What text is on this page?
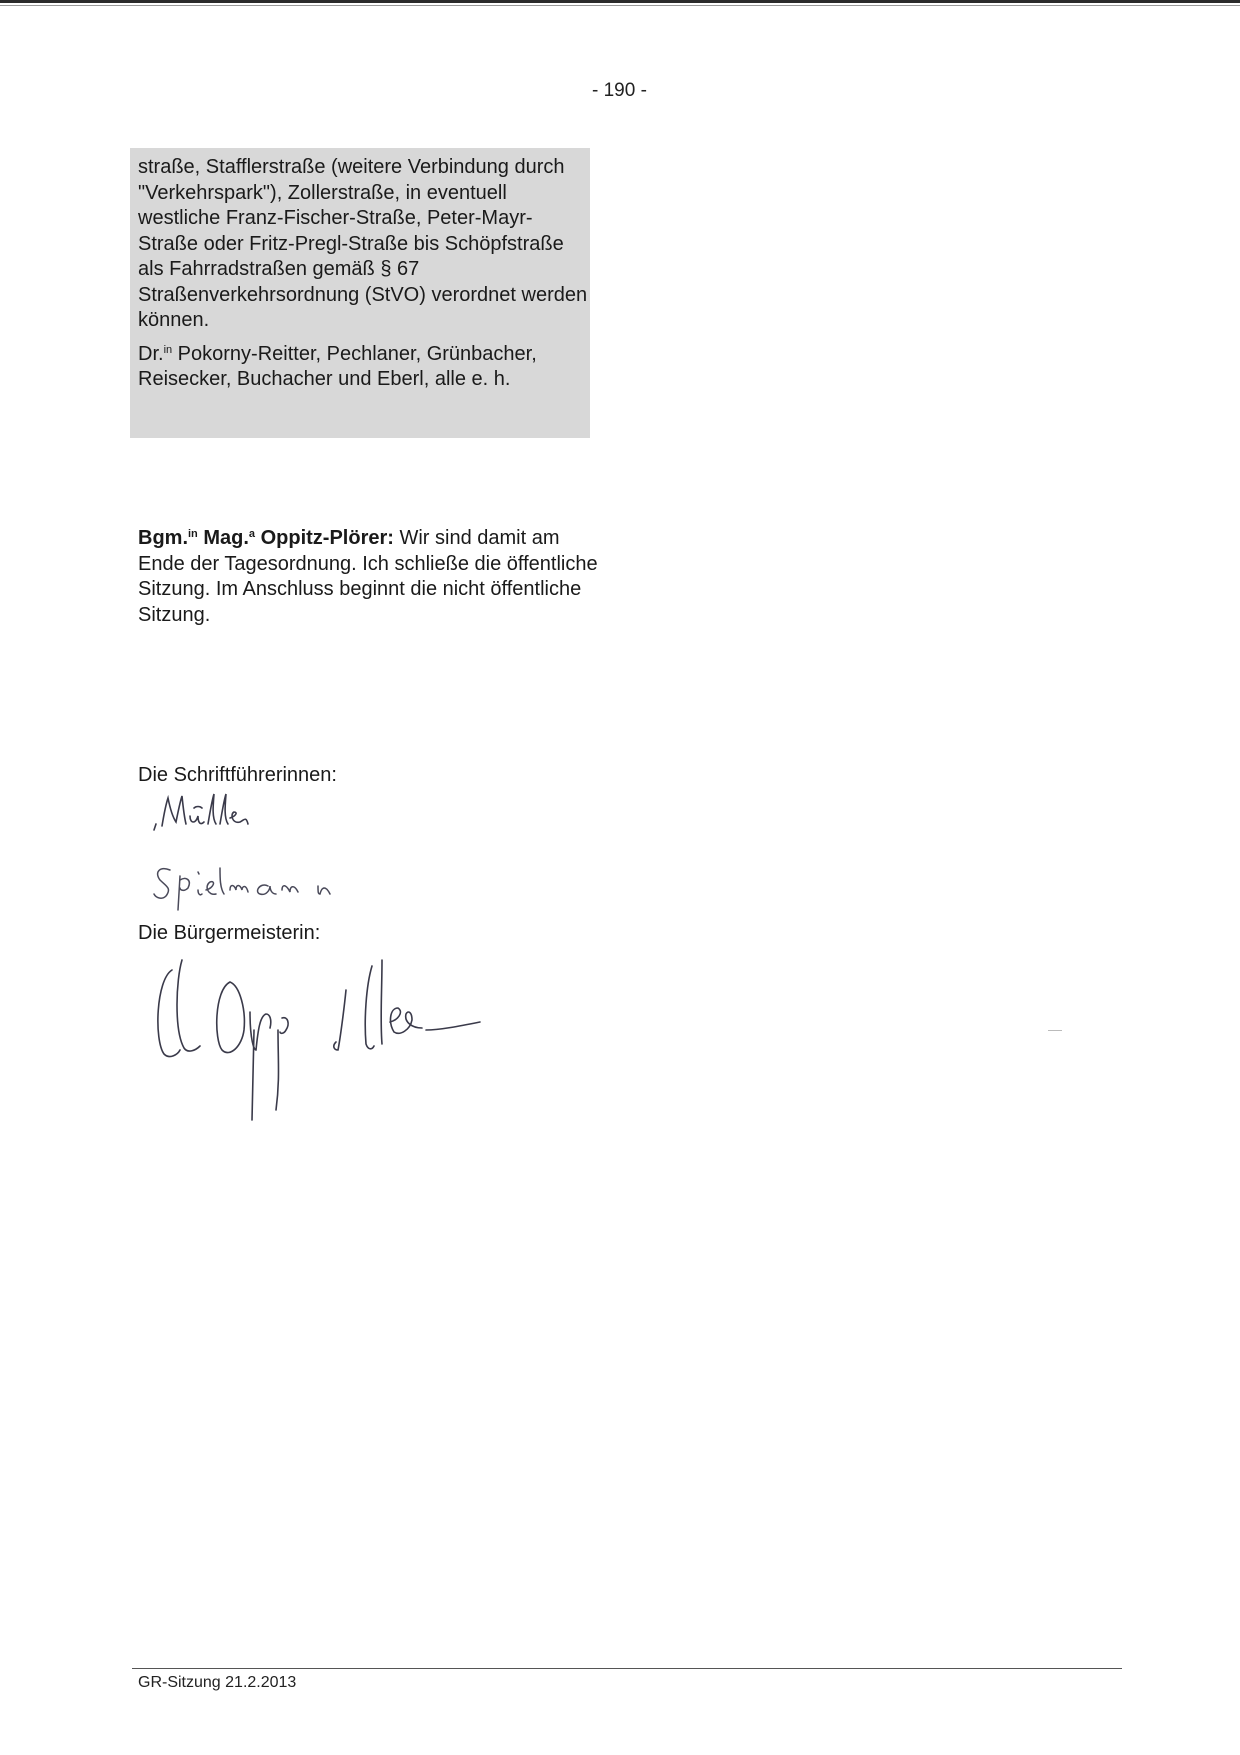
- 190 -

straße, Stafflerstraße (weitere Verbindung durch "Verkehrspark"), Zollerstraße, in eventuell westliche Franz-Fischer-Straße, Peter-Mayr-Straße oder Fritz-Pregl-Straße bis Schöpfstraße als Fahrradstraßen gemäß § 67 Straßenverkehrsordnung (StVO) verordnet werden können.

Dr.$^{in}$ Pokorny-Reitter, Pechlaner, Grünbacher, Reisecker, Buchacher und Eberl, alle e. h.

Bgm.$^{in}$ Mag.$^a$ Oppitz-Plörer: Wir sind damit am Ende der Tagesordnung. Ich schließe die öffentliche Sitzung. Im Anschluss beginnt die nicht öffentliche Sitzung.

Die Schriftführerinnen:
Die Bürgermeisterin:
GR-Sitzung 21.2.2013
